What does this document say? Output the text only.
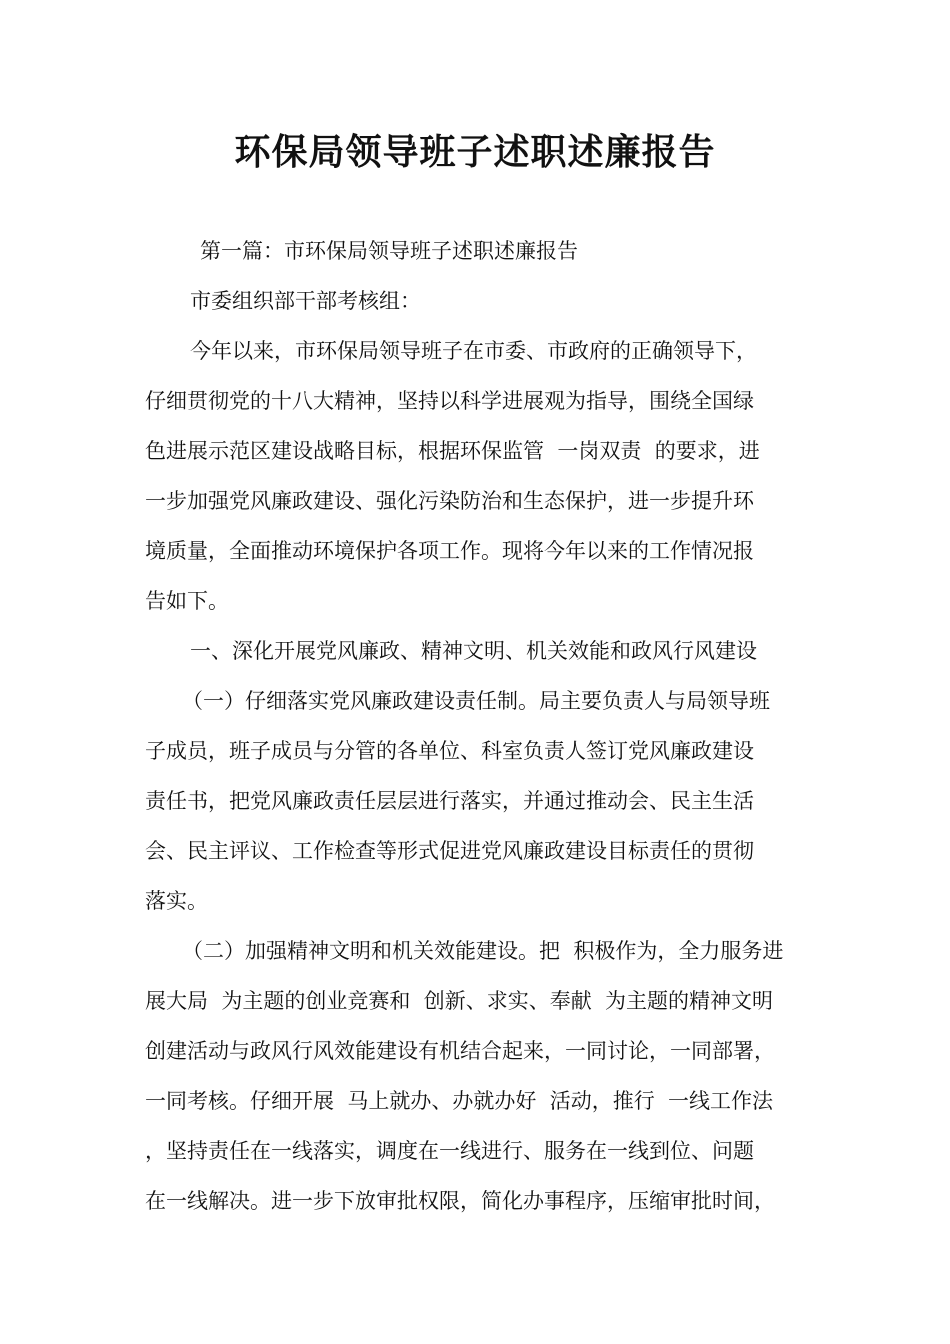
环保局领导班子述职述廉报告
第一篇：市环保局领导班子述职述廉报告
市委组织部干部考核组：
今年以来，市环保局领导班子在市委、市政府的正确领导下，
仔细贯彻党的十八大精神，坚持以科学进展观为指导，围绕全国绿
色进展示范区建设战略目标，根据环保监管  一岗双责  的要求，进
一步加强党风廉政建设、强化污染防治和生态保护，进一步提升环
境质量，全面推动环境保护各项工作。现将今年以来的工作情况报
告如下。
一、深化开展党风廉政、精神文明、机关效能和政风行风建设
（一）仔细落实党风廉政建设责任制。局主要负责人与局领导班
子成员，班子成员与分管的各单位、科室负责人签订党风廉政建设
责任书，把党风廉政责任层层进行落实，并通过推动会、民主生活
会、民主评议、工作检查等形式促进党风廉政建设目标责任的贯彻
落实。
（二）加强精神文明和机关效能建设。把  积极作为，全力服务进
展大局  为主题的创业竞赛和  创新、求实、奉献  为主题的精神文明
创建活动与政风行风效能建设有机结合起来，一同讨论，一同部署，
一同考核。仔细开展  马上就办、办就办好  活动，推行  一线工作法
，坚持责任在一线落实，调度在一线进行、服务在一线到位、问题
在一线解决。进一步下放审批权限，简化办事程序，压缩审批时间，
